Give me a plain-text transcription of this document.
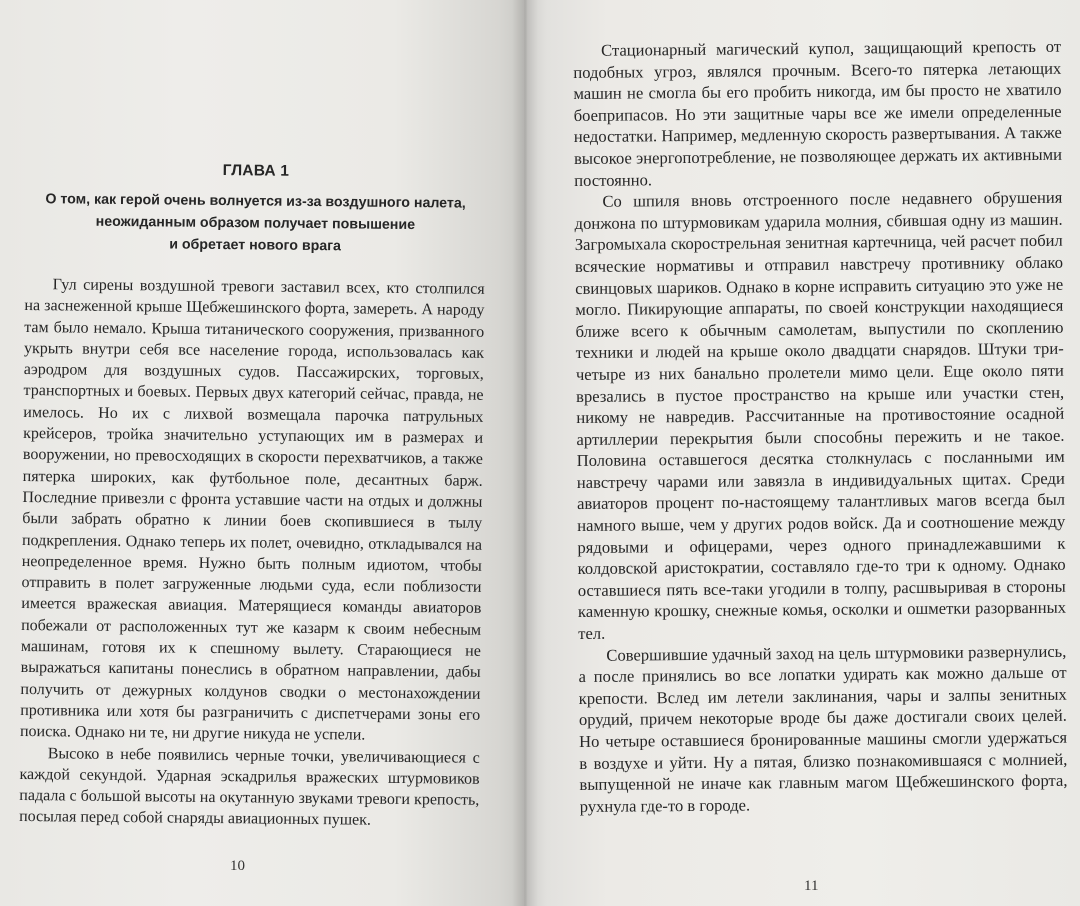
ГЛАВА 1
О том, как герой очень волнуется из-за воздушного налета,
неожиданным образом получает повышение
и обретает нового врага

Гул сирены воздушной тревоги заставил всех, кто столпился на заснеженной крыше Щебжешинского форта, замереть. А народу там было немало. Крыша титанического сооружения, призванного укрыть внутри себя все население города, использовалась как аэродром для воздушных судов. Пассажирских, торговых, транспортных и боевых. Первых двух категорий сейчас, правда, не имелось. Но их с лихвой возмещала парочка патрульных крейсеров, тройка значительно уступающих им в размерах и вооружении, но превосходящих в скорости перехватчиков, а также пятерка широких, как футбольное поле, десантных барж. Последние привезли с фронта уставшие части на отдых и должны были забрать обратно к линии боев скопившиеся в тылу подкрепления. Однако теперь их полет, очевидно, откладывался на неопределенное время. Нужно быть полным идиотом, чтобы отправить в полет загруженные людьми суда, если поблизости имеется вражеская авиация. Матерящиеся команды авиаторов побежали от расположенных тут же казарм к своим небесным машинам, готовя их к спешному вылету. Старающиеся не выражаться капитаны понеслись в обратном направлении, дабы получить от дежурных колдунов сводки о местонахождении противника или хотя бы разграничить с диспетчерами зоны его поиска. Однако ни те, ни другие никуда не успели.

Высоко в небе появились черные точки, увеличивающиеся с каждой секундой. Ударная эскадрилья вражеских штурмовиков падала с большой высоты на окутанную звуками тревоги крепость, посылая перед собой снаряды авиационных пушек.

10

Стационарный магический купол, защищающий крепость от подобных угроз, являлся прочным. Всего-то пятерка летающих машин не смогла бы его пробить никогда, им бы просто не хватило боеприпасов. Но эти защитные чары все же имели определенные недостатки. Например, медленную скорость развертывания. А также высокое энергопотребление, не позволяющее держать их активными постоянно.

Со шпиля вновь отстроенного после недавнего обрушения донжона по штурмовикам ударила молния, сбившая одну из машин. Загромыхала скорострельная зенитная картечница, чей расчет побил всяческие нормативы и отправил навстречу противнику облако свинцовых шариков. Однако в корне исправить ситуацию это уже не могло. Пикирующие аппараты, по своей конструкции находящиеся ближе всего к обычным самолетам, выпустили по скоплению техники и людей на крыше около двадцати снарядов. Штуки три-четыре из них банально пролетели мимо цели. Еще около пяти врезались в пустое пространство на крыше или участки стен, никому не навредив. Рассчитанные на противостояние осадной артиллерии перекрытия были способны пережить и не такое. Половина оставшегося десятка столкнулась с посланными им навстречу чарами или завязла в индивидуальных щитах. Среди авиаторов процент по-настоящему талантливых магов всегда был намного выше, чем у других родов войск. Да и соотношение между рядовыми и офицерами, через одного принадлежавшими к колдовской аристократии, составляло где-то три к одному. Однако оставшиеся пять все-таки угодили в толпу, расшвыривая в стороны каменную крошку, снежные комья, осколки и ошметки разорванных тел.

Совершившие удачный заход на цель штурмовики развернулись, а после принялись во все лопатки удирать как можно дальше от крепости. Вслед им летели заклинания, чары и залпы зенитных орудий, причем некоторые вроде бы даже достигали своих целей. Но четыре оставшиеся бронированные машины смогли удержаться в воздухе и уйти. Ну а пятая, близко познакомившаяся с молнией, выпущенной не иначе как главным магом Щебжешинского форта, рухнула где-то в городе.

11
